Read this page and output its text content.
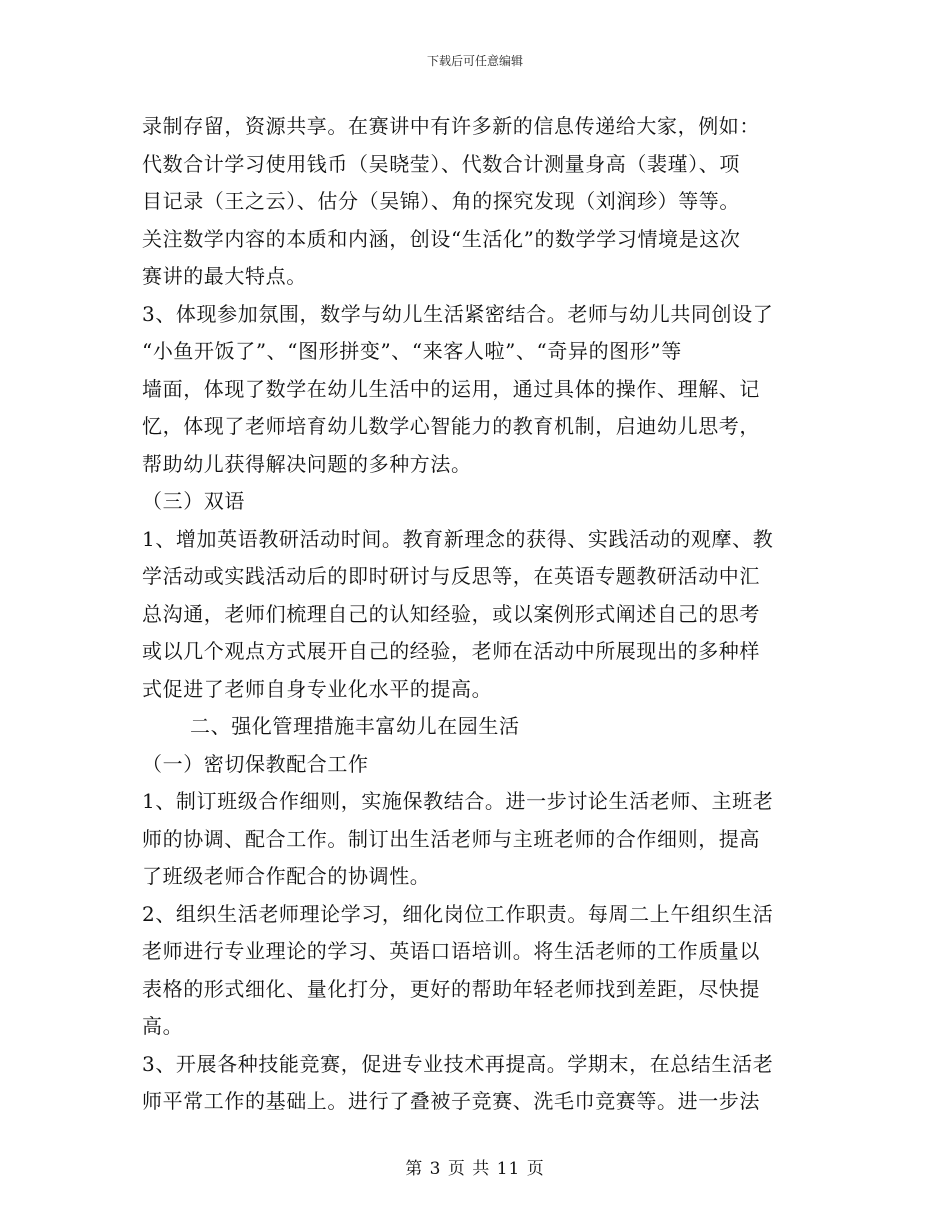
下载后可任意编辑
录制存留，资源共享。在赛讲中有许多新的信息传递给大家，例如：
代数合计学习使用钱币（吴晓莹）、代数合计测量身高（裴瑾）、项
目记录（王之云）、估分（吴锦）、角的探究发现（刘润珍）等等。
关注数学内容的本质和内涵，创设“生活化”的数学学习情境是这次
赛讲的最大特点。
3、体现参加氛围，数学与幼儿生活紧密结合。老师与幼儿共同创设了
“小鱼开饭了”、“图形拼变”、“来客人啦”、“奇异的图形”等
墙面，体现了数学在幼儿生活中的运用，通过具体的操作、理解、记
忆，体现了老师培育幼儿数学心智能力的教育机制，启迪幼儿思考，
帮助幼儿获得解决问题的多种方法。
（三）双语
1、增加英语教研活动时间。教育新理念的获得、实践活动的观摩、教
学活动或实践活动后的即时研讨与反思等，在英语专题教研活动中汇
总沟通，老师们梳理自己的认知经验，或以案例形式阐述自己的思考
或以几个观点方式展开自己的经验，老师在活动中所展现出的多种样
式促进了老师自身专业化水平的提高。
二、强化管理措施丰富幼儿在园生活
（一）密切保教配合工作
1、制订班级合作细则，实施保教结合。进一步讨论生活老师、主班老
师的协调、配合工作。制订出生活老师与主班老师的合作细则，提高
了班级老师合作配合的协调性。
2、组织生活老师理论学习，细化岗位工作职责。每周二上午组织生活
老师进行专业理论的学习、英语口语培训。将生活老师的工作质量以
表格的形式细化、量化打分，更好的帮助年轻老师找到差距，尽快提
高。
3、开展各种技能竞赛，促进专业技术再提高。学期末，在总结生活老
师平常工作的基础上。进行了叠被子竞赛、洗毛巾竞赛等。进一步法
第 3 页 共 11 页
